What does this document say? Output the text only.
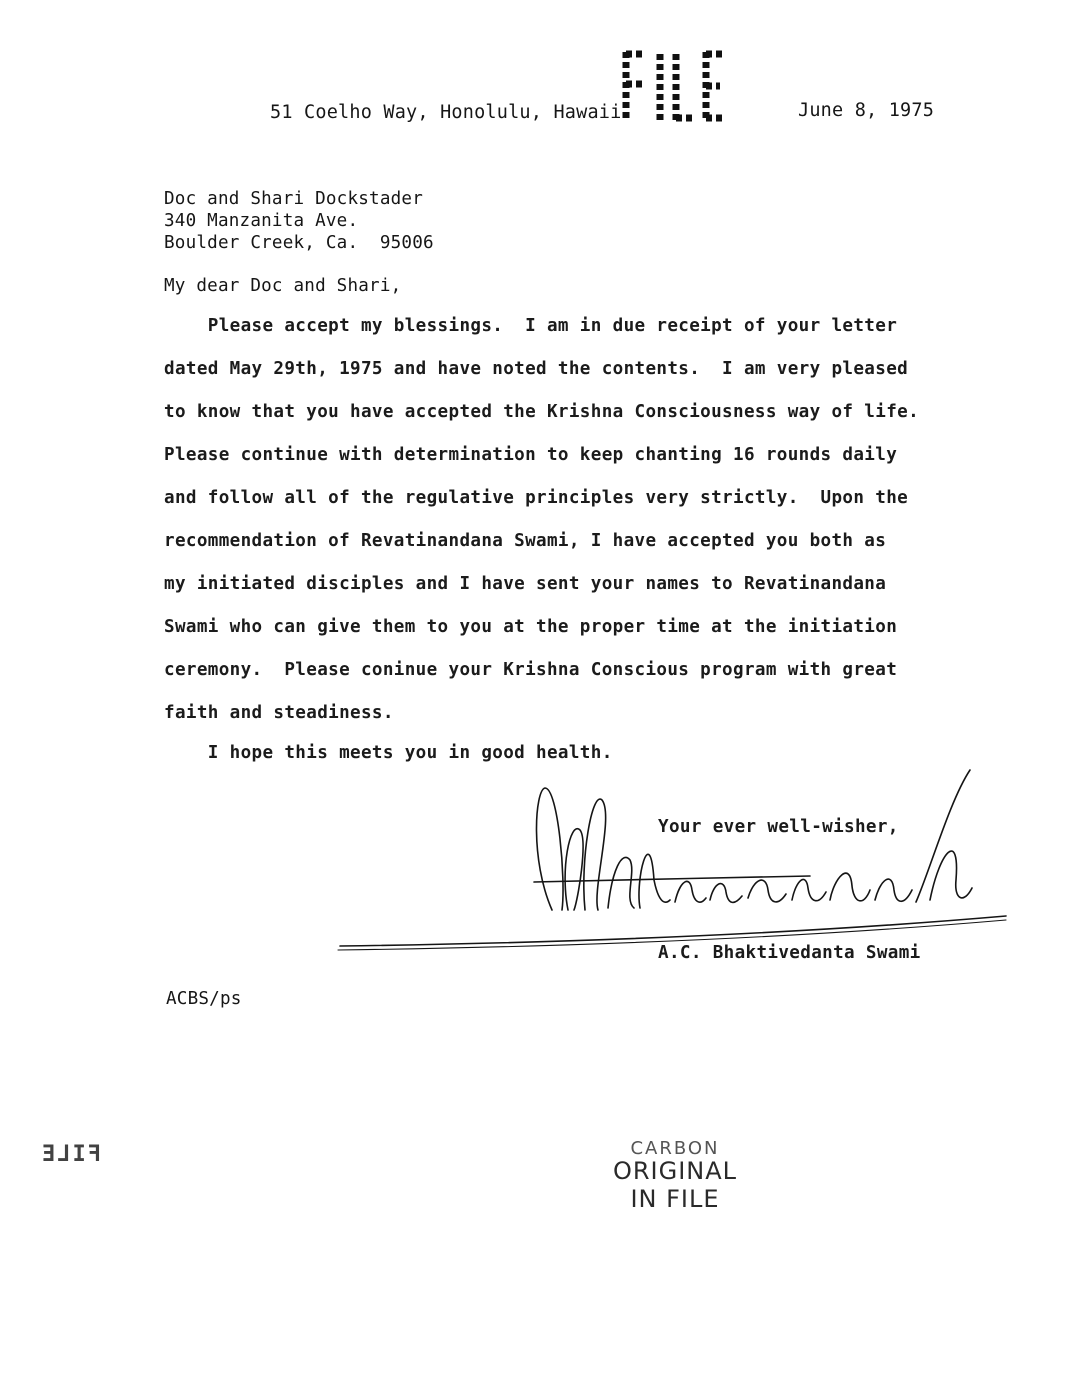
51 Coelho Way, Honolulu, Hawaii	June 8, 1975
Doc and Shari Dockstader
340 Manzanita Ave.
Boulder Creek, Ca.  95006
My dear Doc and Shari,
Please accept my blessings.  I am in due receipt of your letter
dated May 29th, 1975 and have noted the contents.  I am very pleased
to know that you have accepted the Krishna Consciousness way of life.
Please continue with determination to keep chanting 16 rounds daily
and follow all of the regulative principles very strictly.  Upon the
recommendation of Revatinandana Swami, I have accepted you both as
my initiated disciples and I have sent your names to Revatinandana
Swami who can give them to you at the proper time at the initiation
ceremony.  Please coninue your Krishna Conscious program with great
faith and steadiness.
I hope this meets you in good health.
Your ever well-wisher,
A.C. Bhaktivedanta Swami
ACBS/ps
FILE	CARBON
ORIGINAL
IN FILE
